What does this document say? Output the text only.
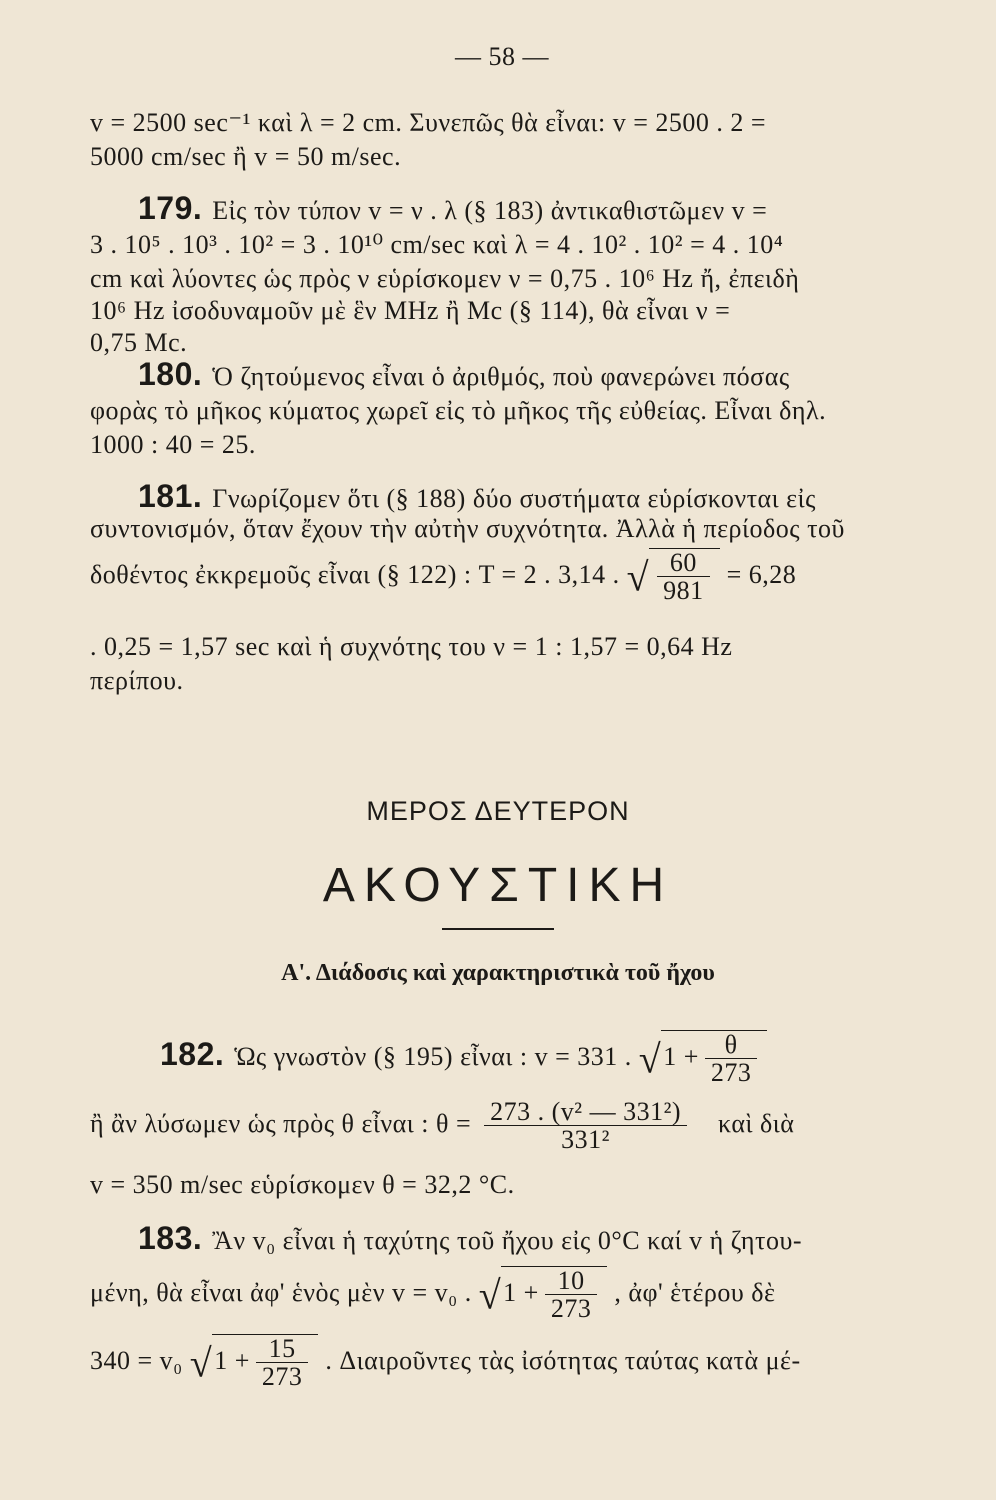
— 58 —
v = 2500 sec⁻¹ καὶ λ = 2 cm. Συνεπῶς θὰ εἶναι: v = 2500 . 2 =
5000 cm/sec ἢ v = 50 m/sec.
179. Εἰς τὸν τύπον v = ν . λ (§ 183) ἀντικαθιστῶμεν v =
3 . 10⁵ . 10³ . 10² = 3 . 10¹⁰ cm/sec καὶ λ = 4 . 10² . 10² = 4 . 10⁴
cm καὶ λύοντες ὡς πρὸς ν εὑρίσκομεν ν = 0,75 . 10⁶ Hz ἤ, ἐπειδὴ
10⁶ Hz ἰσοδυναμοῦν μὲ ἓν MHz ἢ Mc (§ 114), θὰ εἶναι ν =
0,75 Mc.
180. Ὁ ζητούμενος εἶναι ὁ ἀριθμός, ποὺ φανερώνει πόσας
φορὰς τὸ μῆκος κύματος χωρεῖ εἰς τὸ μῆκος τῆς εὐθείας. Εἶναι δηλ.
1000 : 40 = 25.
181. Γνωρίζομεν ὅτι (§ 188) δύο συστήματα εὑρίσκονται εἰς
συντονισμόν, ὅταν ἔχουν τὴν αὐτὴν συχνότητα. Ἀλλὰ ἡ περίοδος τοῦ
δοθέντος ἐκκρεμοῦς εἶναι (§ 122) : T = 2 . 3,14 . √ $\frac{60}{981} = 6,28$
. 0,25 = 1,57 sec καὶ ἡ συχνότης του ν = 1 : 1,57 = 0,64 Hz
περίπου.
ΜΕΡΟΣ ΔΕΥΤΕΡΟΝ
ΑΚΟΥΣΤΙΚΗ
Α'. Διάδοσις καὶ χαρακτηριστικὰ τοῦ ἤχου
182. Ὡς γνωστὸν (§ 195) εἶναι : v = 331 . $√1 + \frac{\theta}{273}$
ἢ ἂν λύσωμεν ὡς πρὸς θ εἶναι : $\theta = \frac{\text{273 . (v² — 331²)}}{\text{331²}}$ καὶ διὰ
v = 350 m/sec εὑρίσκομεν θ = 32,2 °C.
183. Ἂν v₀ εἶναι ἡ ταχύτης τοῦ ἤχου εἰς 0°C καί v ἡ ζητου-
μένη, θὰ εἶναι ἀφ' ἑνὸς μὲν v = v₀ . $√1 + \frac{10}{273}$ , ἀφ' ἑτέρου δὲ
340 = v₀ $√1 + \frac{15}{273}$ . Διαιροῦντες τὰς ἰσότητας ταύτας κατὰ μέ-
